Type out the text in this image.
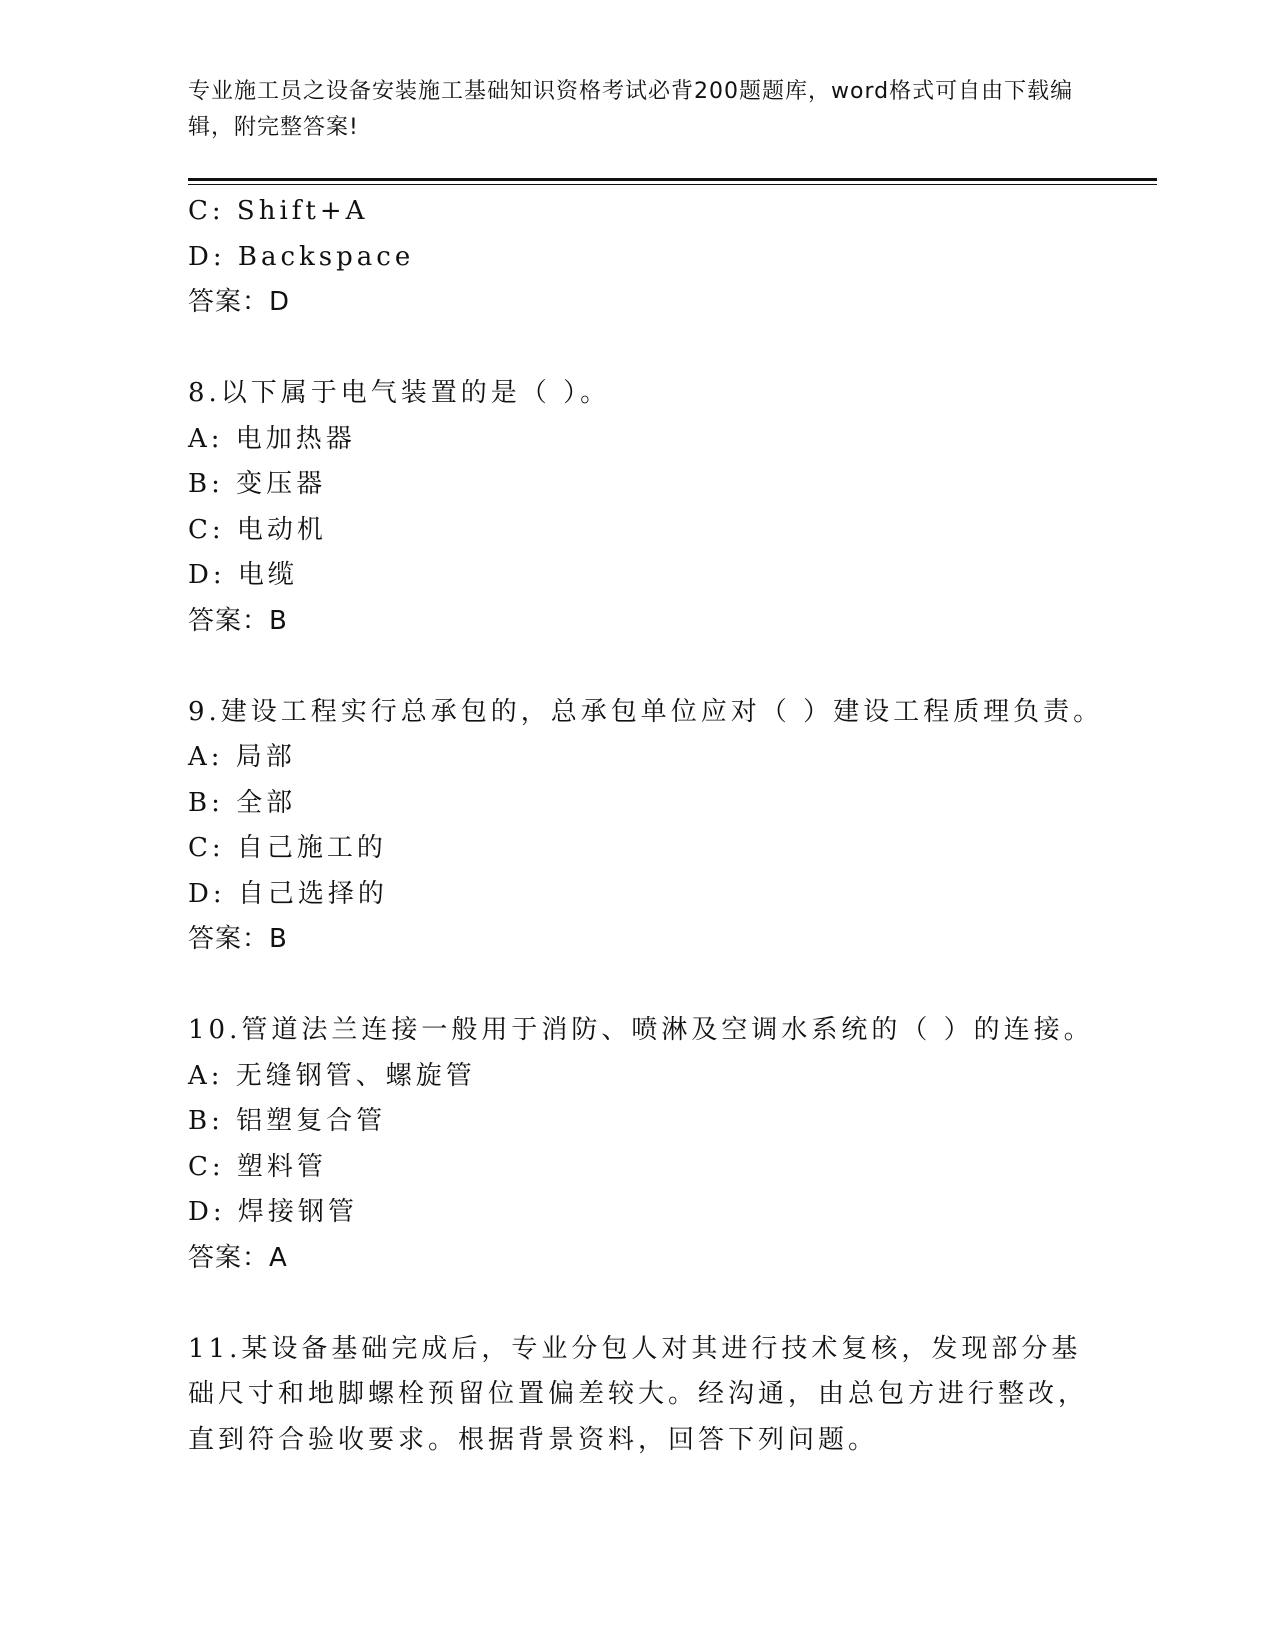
专业施工员之设备安装施工基础知识资格考试必背200题题库，word格式可自由下载编辑，附完整答案!
C: Shift+A
D: Backspace
答案：D
8.以下属于电气装置的是（ ）。
A: 电加热器
B: 变压器
C: 电动机
D: 电缆
答案：B
9.建设工程实行总承包的，总承包单位应对（ ）建设工程质理负责。
A: 局部
B: 全部
C: 自己施工的
D: 自己选择的
答案：B
10.管道法兰连接一般用于消防、喷淋及空调水系统的（ ）的连接。
A: 无缝钢管、螺旋管
B: 铝塑复合管
C: 塑料管
D: 焊接钢管
答案：A
11.某设备基础完成后，专业分包人对其进行技术复核，发现部分基础尺寸和地脚螺栓预留位置偏差较大。经沟通，由总包方进行整改，直到符合验收要求。根据背景资料，回答下列问题。
